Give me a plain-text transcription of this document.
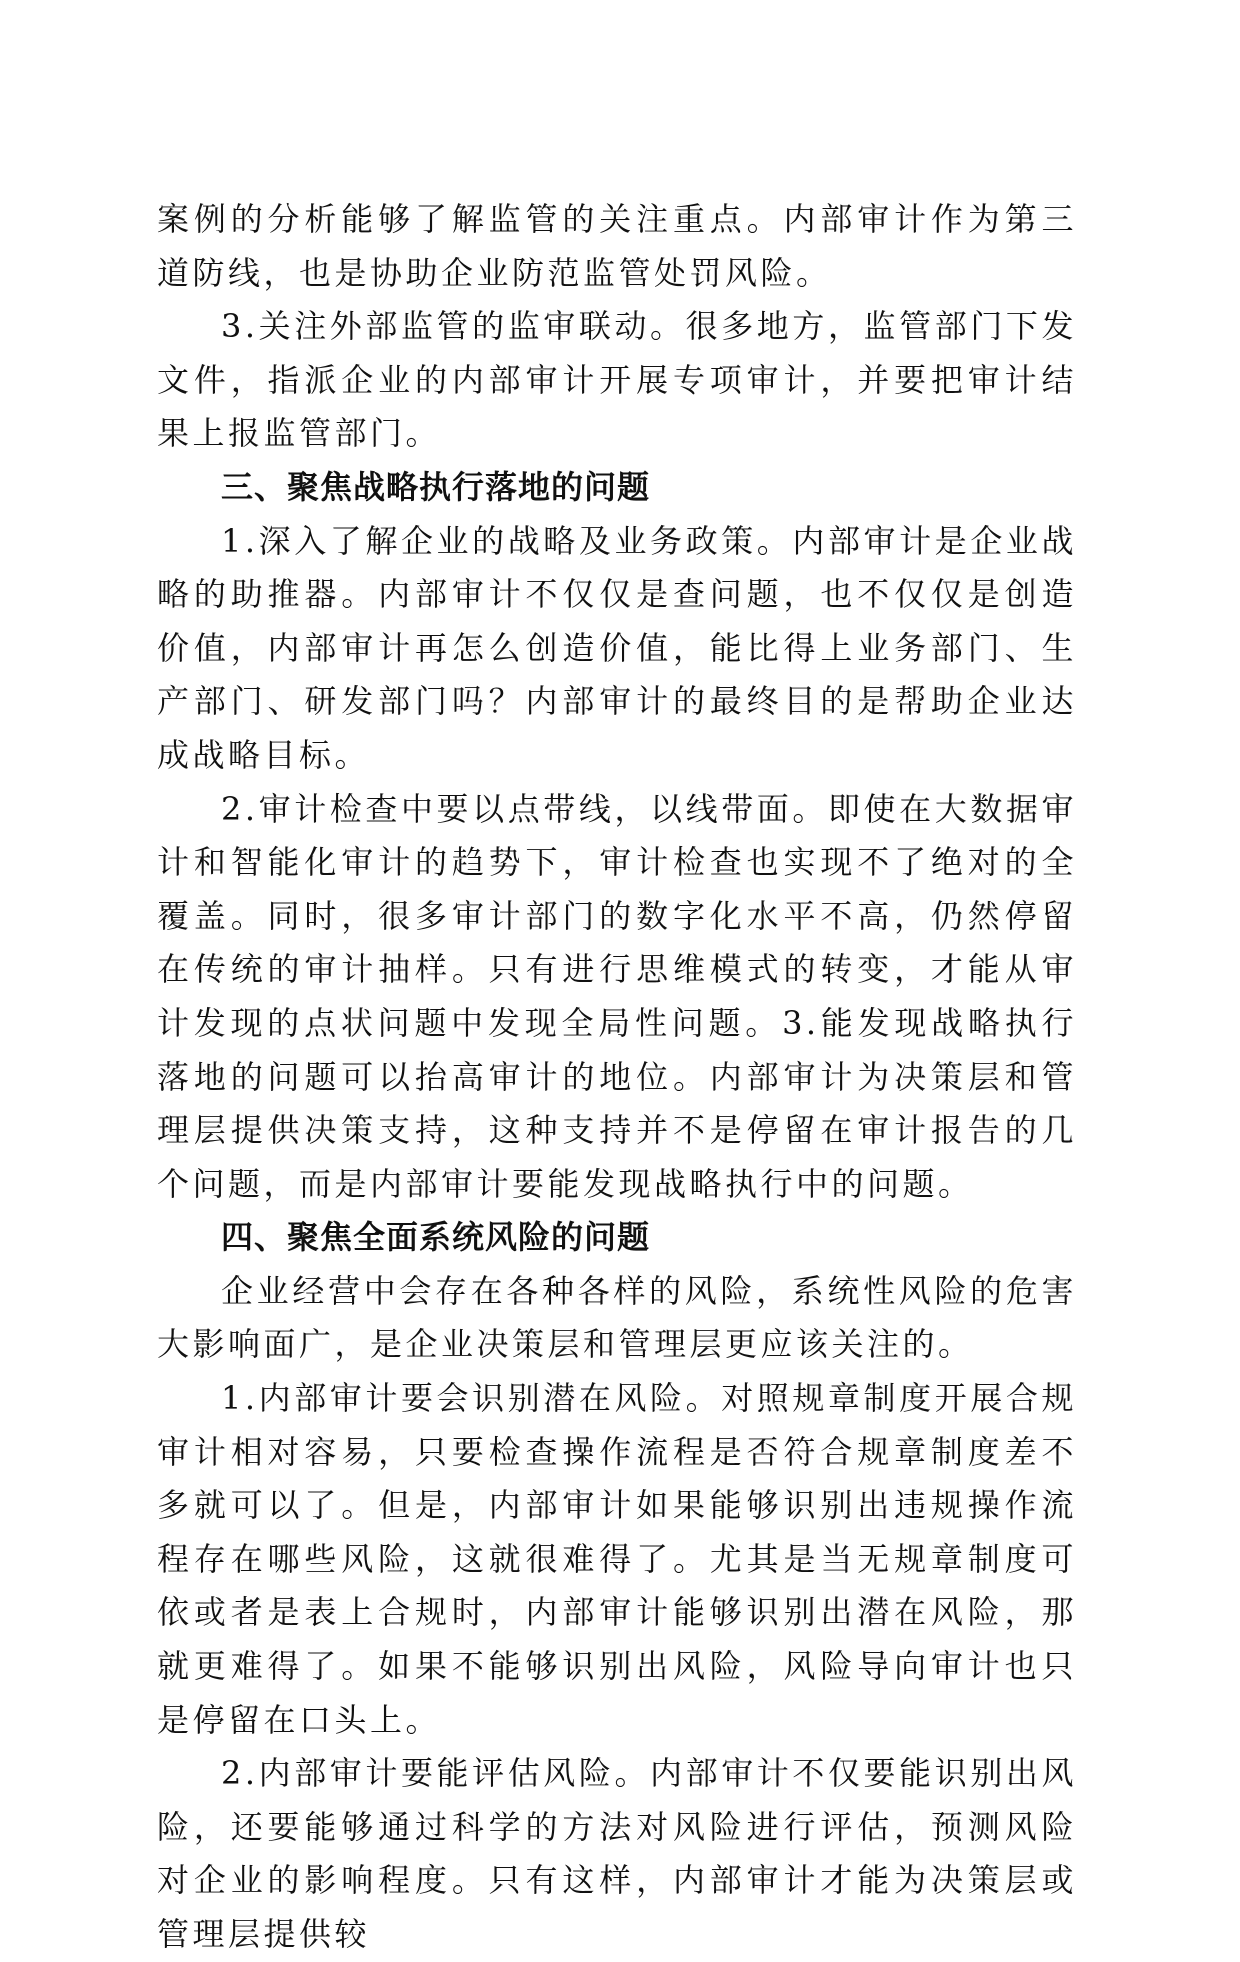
案例的分析能够了解监管的关注重点。内部审计作为第三道防线，也是协助企业防范监管处罚风险。

3.关注外部监管的监审联动。很多地方，监管部门下发文件，指派企业的内部审计开展专项审计，并要把审计结果上报监管部门。

三、聚焦战略执行落地的问题

1.深入了解企业的战略及业务政策。内部审计是企业战略的助推器。内部审计不仅仅是查问题，也不仅仅是创造价值，内部审计再怎么创造价值，能比得上业务部门、生产部门、研发部门吗？内部审计的最终目的是帮助企业达成战略目标。

2.审计检查中要以点带线，以线带面。即使在大数据审计和智能化审计的趋势下，审计检查也实现不了绝对的全覆盖。同时，很多审计部门的数字化水平不高，仍然停留在传统的审计抽样。只有进行思维模式的转变，才能从审计发现的点状问题中发现全局性问题。3.能发现战略执行落地的问题可以抬高审计的地位。内部审计为决策层和管理层提供决策支持，这种支持并不是停留在审计报告的几个问题，而是内部审计要能发现战略执行中的问题。

四、聚焦全面系统风险的问题

企业经营中会存在各种各样的风险，系统性风险的危害大影响面广，是企业决策层和管理层更应该关注的。

1.内部审计要会识别潜在风险。对照规章制度开展合规审计相对容易，只要检查操作流程是否符合规章制度差不多就可以了。但是，内部审计如果能够识别出违规操作流程存在哪些风险，这就很难得了。尤其是当无规章制度可依或者是表上合规时，内部审计能够识别出潜在风险，那就更难得了。如果不能够识别出风险，风险导向审计也只是停留在口头上。

2.内部审计要能评估风险。内部审计不仅要能识别出风险，还要能够通过科学的方法对风险进行评估，预测风险对企业的影响程度。只有这样，内部审计才能为决策层或管理层提供较
